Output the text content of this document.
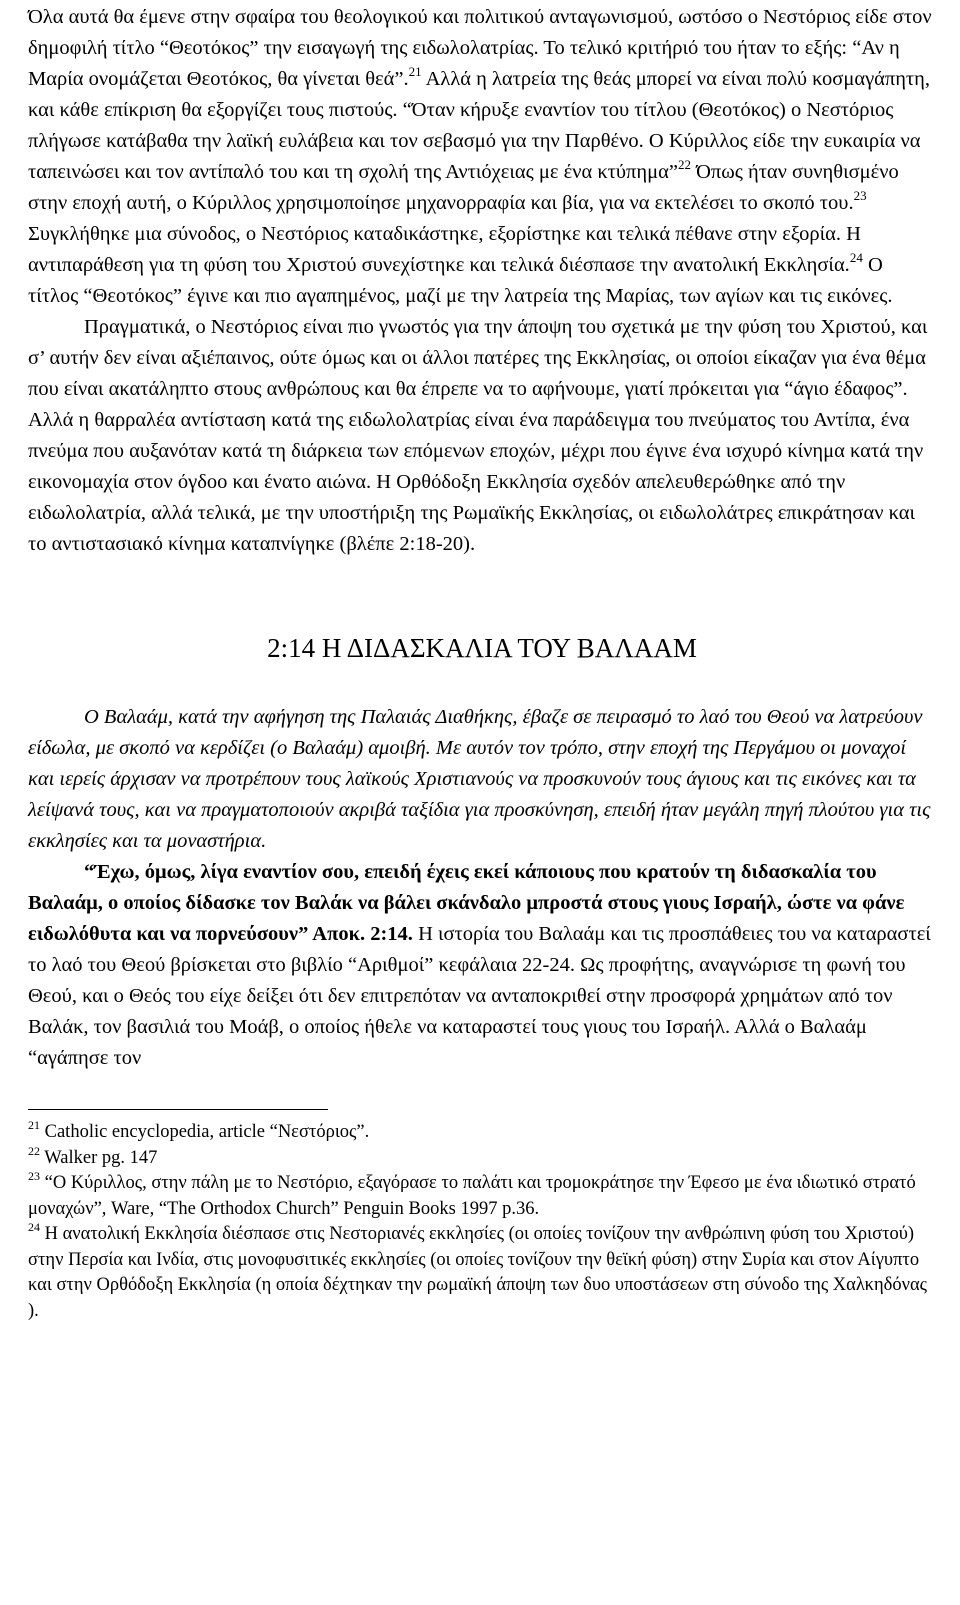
Όλα αυτά θα έμενε στην σφαίρα του θεολογικού και πολιτικού ανταγωνισμού, ωστόσο ο Νεστόριος είδε στον δημοφιλή τίτλο “Θεοτόκος” την εισαγωγή της ειδωλολατρίας. Το τελικό κριτήριό του ήταν το εξής: “Αν η Μαρία ονομάζεται Θεοτόκος, θα γίνεται θεά”.$^{21}$ Αλλά η λατρεία της θεάς μπορεί να είναι πολύ κοσμαγάπητη, και κάθε επίκριση θα εξοργίζει τους πιστούς. “Όταν κήρυξε εναντίον του τίτλου (Θεοτόκος) ο Νεστόριος πλήγωσε κατάβαθα την λαϊκή ευλάβεια και τον σεβασμό για την Παρθένο. Ο Κύριλλος είδε την ευκαιρία να ταπεινώσει και τον αντίπαλό του και τη σχολή της Αντιόχειας με ένα κτύπημα”$^{22}$ Όπως ήταν συνηθισμένο στην εποχή αυτή, ο Κύριλλος χρησιμοποίησε μηχανορραφία και βία, για να εκτελέσει το σκοπό του.$^{23}$ Συγκλήθηκε μια σύνοδος, ο Νεστόριος καταδικάστηκε, εξορίστηκε και τελικά πέθανε στην εξορία. Η αντιπαράθεση για τη φύση του Χριστού συνεχίστηκε και τελικά διέσπασε την ανατολική Εκκλησία.$^{24}$ Ο τίτλος “Θεοτόκος” έγινε και πιο αγαπημένος, μαζί με την λατρεία της Μαρίας, των αγίων και τις εικόνες.

Πραγματικά, ο Νεστόριος είναι πιο γνωστός για την άποψη του σχετικά με την φύση του Χριστού, και σ’ αυτήν δεν είναι αξιέπαινος, ούτε όμως και οι άλλοι πατέρες της Εκκλησίας, οι οποίοι είκαζαν για ένα θέμα που είναι ακατάληπτο στους ανθρώπους και θα έπρεπε να το αφήνουμε, γιατί πρόκειται για “άγιο έδαφος”. Αλλά η θαρραλέα αντίσταση κατά της ειδωλολατρίας είναι ένα παράδειγμα του πνεύματος του Αντίπα, ένα πνεύμα που αυξανόταν κατά τη διάρκεια των επόμενων εποχών, μέχρι που έγινε ένα ισχυρό κίνημα κατά την εικονομαχία στον όγδοο και ένατο αιώνα. Η Ορθόδοξη Εκκλησία σχεδόν απελευθερώθηκε από την ειδωλολατρία, αλλά τελικά, με την υποστήριξη της Ρωμαϊκής Εκκλησίας, οι ειδωλολάτρες επικράτησαν και το αντιστασιακό κίνημα καταπνίγηκε (βλέπε 2:18-20).

2:14 Η ΔΙΔΑΣΚΑΛΙΑ ΤΟΥ ΒΑΛΑΑΜ

Ο Βαλαάμ, κατά την αφήγηση της Παλαιάς Διαθήκης, έβαζε σε πειρασμό το λαό του Θεού να λατρεύουν είδωλα, με σκοπό να κερδίζει (ο Βαλαάμ) αμοιβή. Με αυτόν τον τρόπο, στην εποχή της Περγάμου οι μοναχοί και ιερείς άρχισαν να προτρέπουν τους λαϊκούς Χριστιανούς να προσκυνούν τους άγιους και τις εικόνες και τα λείψανά τους, και να πραγματοποιούν ακριβά ταξίδια για προσκύνηση, επειδή ήταν μεγάλη πηγή πλούτου για τις εκκλησίες και τα μοναστήρια.

“Έχω, όμως, λίγα εναντίον σου, επειδή έχεις εκεί κάποιους που κρατούν τη διδασκαλία του Βαλαάμ, ο οποίος δίδασκε τον Βαλάκ να βάλει σκάνδαλο μπροστά στους γιους Ισραήλ, ώστε να φάνε ειδωλόθυτα και να πορνεύσουν” Αποκ. 2:14. Η ιστορία του Βαλαάμ και τις προσπάθειες του να καταραστεί το λαό του Θεού βρίσκεται στο βιβλίο “Αριθμοί” κεφάλαια 22-24. Ως προφήτης, αναγνώρισε τη φωνή του Θεού, και ο Θεός του είχε δείξει ότι δεν επιτρεπόταν να ανταποκριθεί στην προσφορά χρημάτων από τον Βαλάκ, τον βασιλιά του Μοάβ, ο οποίος ήθελε να καταραστεί τους γιους του Ισραήλ. Αλλά ο Βαλαάμ “αγάπησε τον

$^{21}$ Catholic encyclopedia, article “Νεστόριος”.

$^{22}$ Walker pg. 147

$^{23}$ “Ο Κύριλλος, στην πάλη με το Νεστόριο, εξαγόρασε το παλάτι και τρομοκράτησε την Έφεσο με ένα ιδιωτικό στρατό μοναχών”, Ware, “The Orthodox Church” Penguin Books 1997 p.36.

$^{24}$ Η ανατολική Εκκλησία διέσπασε στις Νεστοριανές εκκλησίες (οι οποίες τονίζουν την ανθρώπινη φύση του Χριστού) στην Περσία και Ινδία, στις μονοφυσιτικές εκκλησίες (οι οποίες τονίζουν την θεϊκή φύση) στην Συρία και στον Αίγυπτο και στην Ορθόδοξη Εκκλησία (η οποία δέχτηκαν την ρωμαϊκή άποψη των δυο υποστάσεων στη σύνοδο της Χαλκηδόνας ).
